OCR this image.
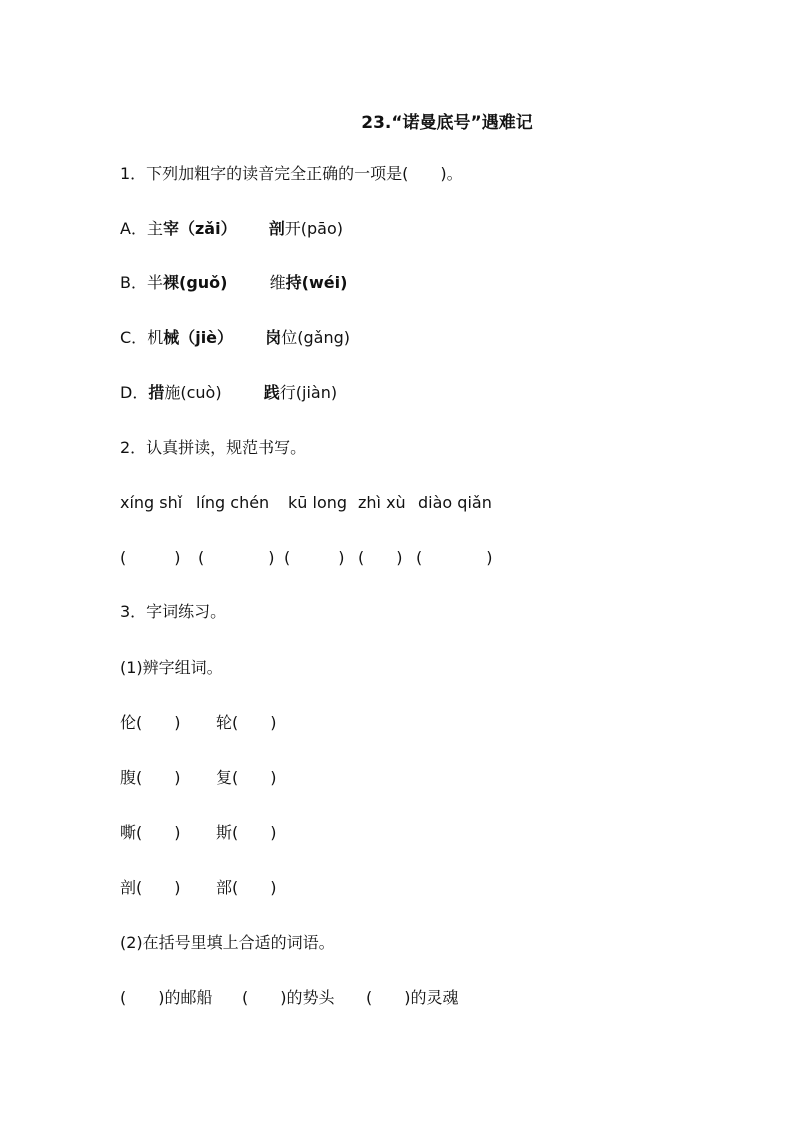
23.“诺曼底号”遇难记
1．下列加粗字的读音完全正确的一项是(　　)。
A．主宰（zǎi） 剖开(pāo)
B．半裸(guǒ)	维持(wéi)
C．机械（jiè） 岗位(gǎng)
D．措施(cuò)	践行(jiàn)
2．认真拼读，规范书写。
xíng shǐ líng chén kū long zhì xù diào qiǎn
(　　　) (　　　　) (　　　) (　　) (　　　　)
3．字词练习。
(1)辨字组词。
伦(　　) 轮(　　)
腹(　　) 复(　　)
嘶(　　) 斯(　　)
剖(　　) 部(　　)
(2)在括号里填上合适的词语。
(　　)的邮船 (　　)的势头 (　　)的灵魂
